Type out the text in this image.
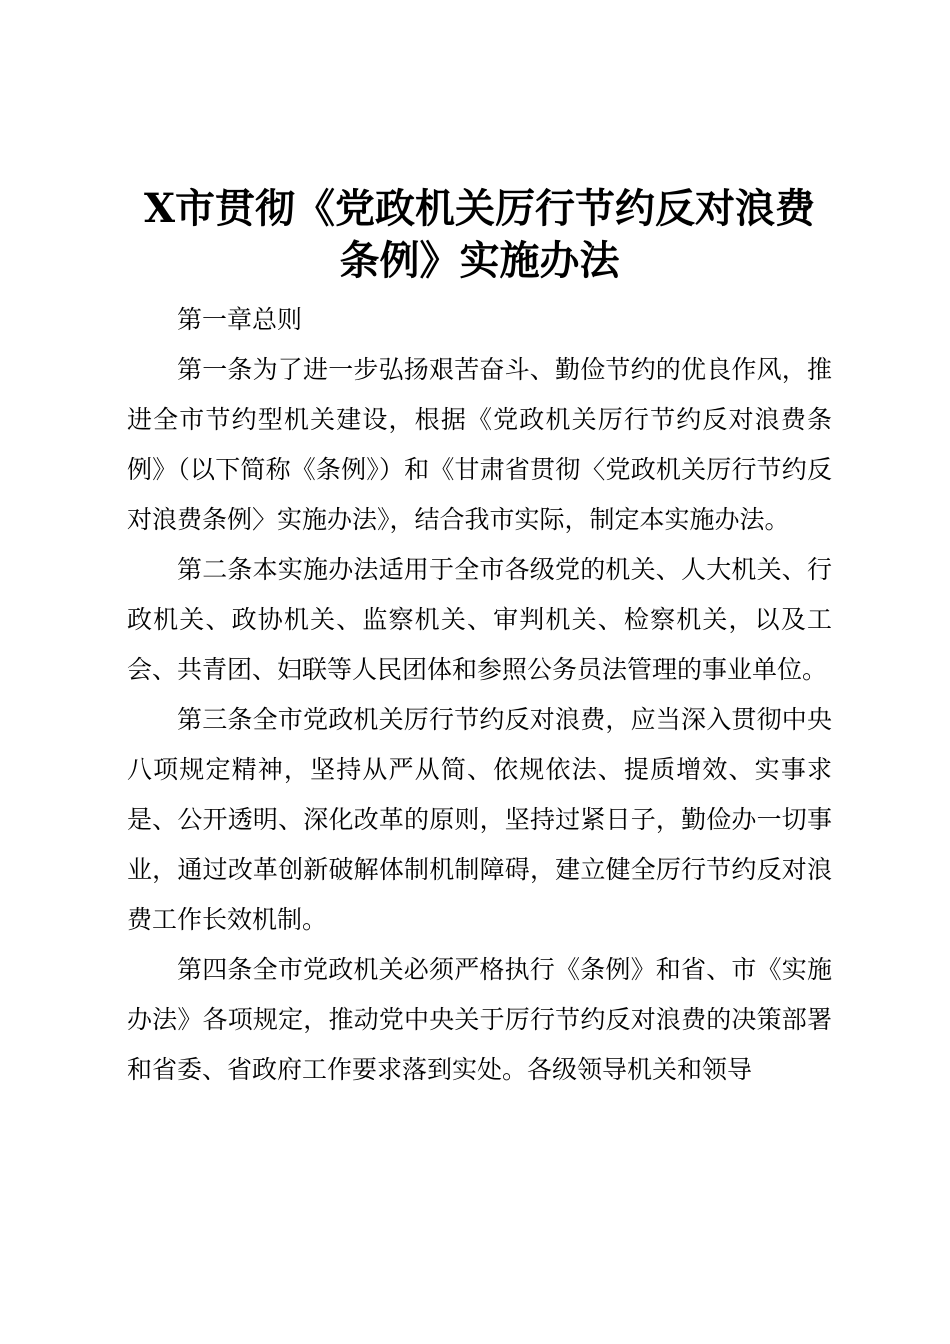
X市贯彻《党政机关厉行节约反对浪费
条例》实施办法

第一章总则

第一条为了进一步弘扬艰苦奋斗、勤俭节约的优良作风，推进全市节约型机关建设，根据《党政机关厉行节约反对浪费条例》（以下简称《条例》）和《甘肃省贯彻〈党政机关厉行节约反对浪费条例〉实施办法》，结合我市实际，制定本实施办法。

第二条本实施办法适用于全市各级党的机关、人大机关、行政机关、政协机关、监察机关、审判机关、检察机关，以及工会、共青团、妇联等人民团体和参照公务员法管理的事业单位。

第三条全市党政机关厉行节约反对浪费，应当深入贯彻中央八项规定精神，坚持从严从简、依规依法、提质增效、实事求是、公开透明、深化改革的原则，坚持过紧日子，勤俭办一切事业，通过改革创新破解体制机制障碍，建立健全厉行节约反对浪费工作长效机制。

第四条全市党政机关必须严格执行《条例》和省、市《实施办法》各项规定，推动党中央关于厉行节约反对浪费的决策部署和省委、省政府工作要求落到实处。各级领导机关和领导
